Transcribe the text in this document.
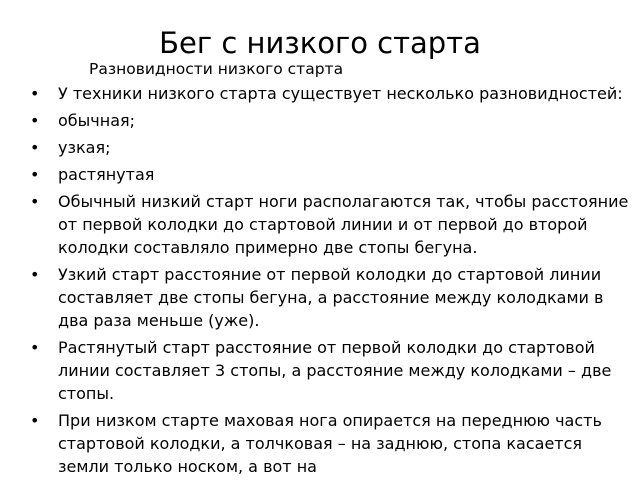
Бег с низкого старта
Разновидности низкого старта
•	У техники низкого старта существует несколько разновидностей:
•	обычная;
•	узкая;
•	растянутая
•	Обычный низкий старт ноги располагаются так, чтобы расстояние от первой колодки до стартовой линии и от первой до второй колодки составляло примерно две стопы бегуна.
•	Узкий старт расстояние от первой колодки до стартовой линии составляет две стопы бегуна, а расстояние между колодками в два раза меньше (уже).
•	Растянутый старт расстояние от первой колодки до стартовой линии составляет 3 стопы, а расстояние между колодками – две стопы.
•	При низком старте маховая нога опирается на переднюю часть стартовой колодки, а толчковая – на заднюю, стопа касается земли только носком, а вот на
